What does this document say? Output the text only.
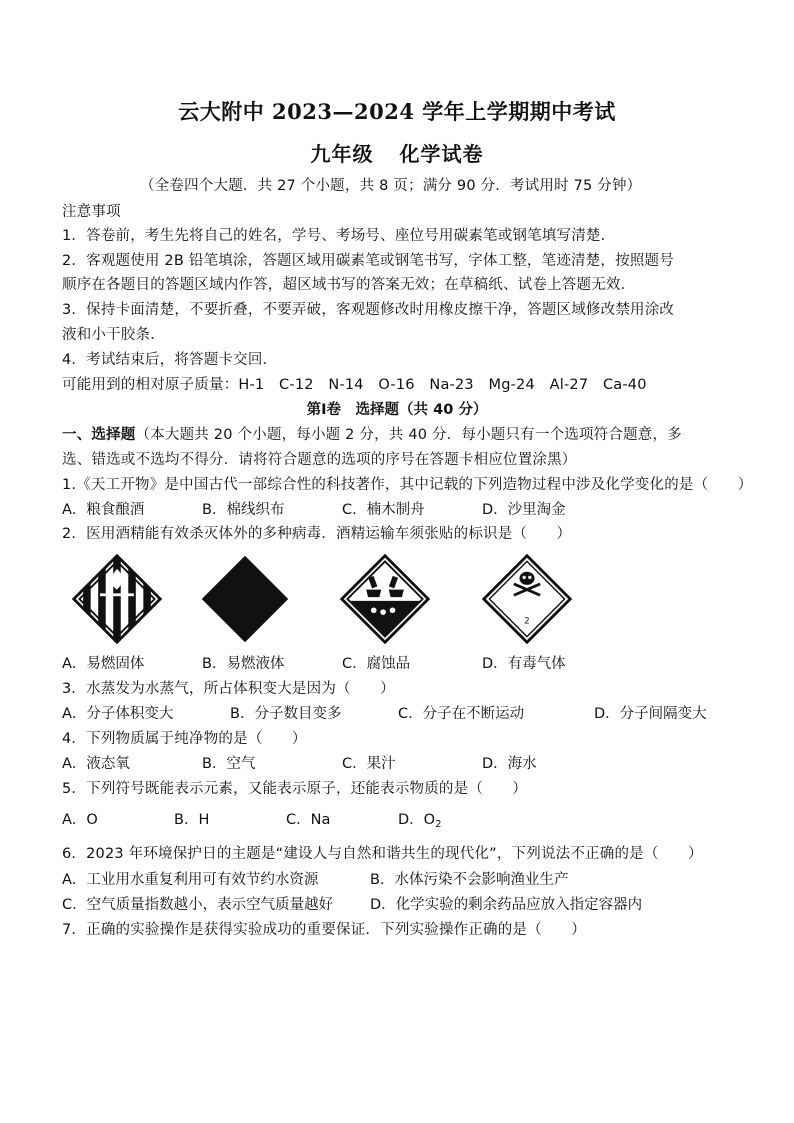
云大附中 2023—2024 学年上学期期中考试
九年级 化学试卷
（全卷四个大题．共 27 个小题，共 8 页；满分 90 分．考试用时 75 分钟）
注意事项
1．答卷前，考生先将自己的姓名，学号、考场号、座位号用碳素笔或钢笔填写清楚．
2．客观题使用 2B 铅笔填涂，答题区域用碳素笔或钢笔书写，字体工整，笔迹清楚，按照题号
顺序在各题目的答题区域内作答，超区域书写的答案无效；在草稿纸、试卷上答题无效．
3．保持卡面清楚，不要折叠，不要弄破，客观题修改时用橡皮擦干净，答题区域修改禁用涂改
液和小干胶条．
4．考试结束后，将答题卡交回．
可能用到的相对原子质量：H-1　C-12　N-14　O-16　Na-23　Mg-24　Al-27　Ca-40
第Ⅰ卷　选择题（共 40 分）
一、选择题（本大题共 20 个小题，每小题 2 分，共 40 分．每小题只有一个选项符合题意，多
选、错选或不选均不得分．请将符合题意的选项的序号在答题卡相应位置涂黑）
1.《天工开物》是中国古代一部综合性的科技著作，其中记载的下列造物过程中涉及化学变化的是（　　）
A．粮食酿酒	B．棉线织布	C．楠木制舟	D．沙里淘金
2．医用酒精能有效杀灭体外的多种病毒．酒精运输车须张贴的标识是（　　）
2
A．易燃固体	B．易燃液体	C．腐蚀品	D．有毒气体
3．水蒸发为水蒸气，所占体积变大是因为（　　）
A．分子体积变大	B．分子数目变多	C．分子在不断运动	D．分子间隔变大
4．下列物质属于纯净物的是（　　）
A．液态氧	B．空气	C．果汁	D．海水
5．下列符号既能表示元素，又能表示原子，还能表示物质的是（　　）
A．O	B．H	C．Na	D．$O_2$
6．2023 年环境保护日的主题是“建设人与自然和谐共生的现代化”，下列说法不正确的是（　　）
A．工业用水重复利用可有效节约水资源	B．水体污染不会影响渔业生产
C．空气质量指数越小，表示空气质量越好	D．化学实验的剩余药品应放入指定容器内
7．正确的实验操作是获得实验成功的重要保证．下列实验操作正确的是（　　）
